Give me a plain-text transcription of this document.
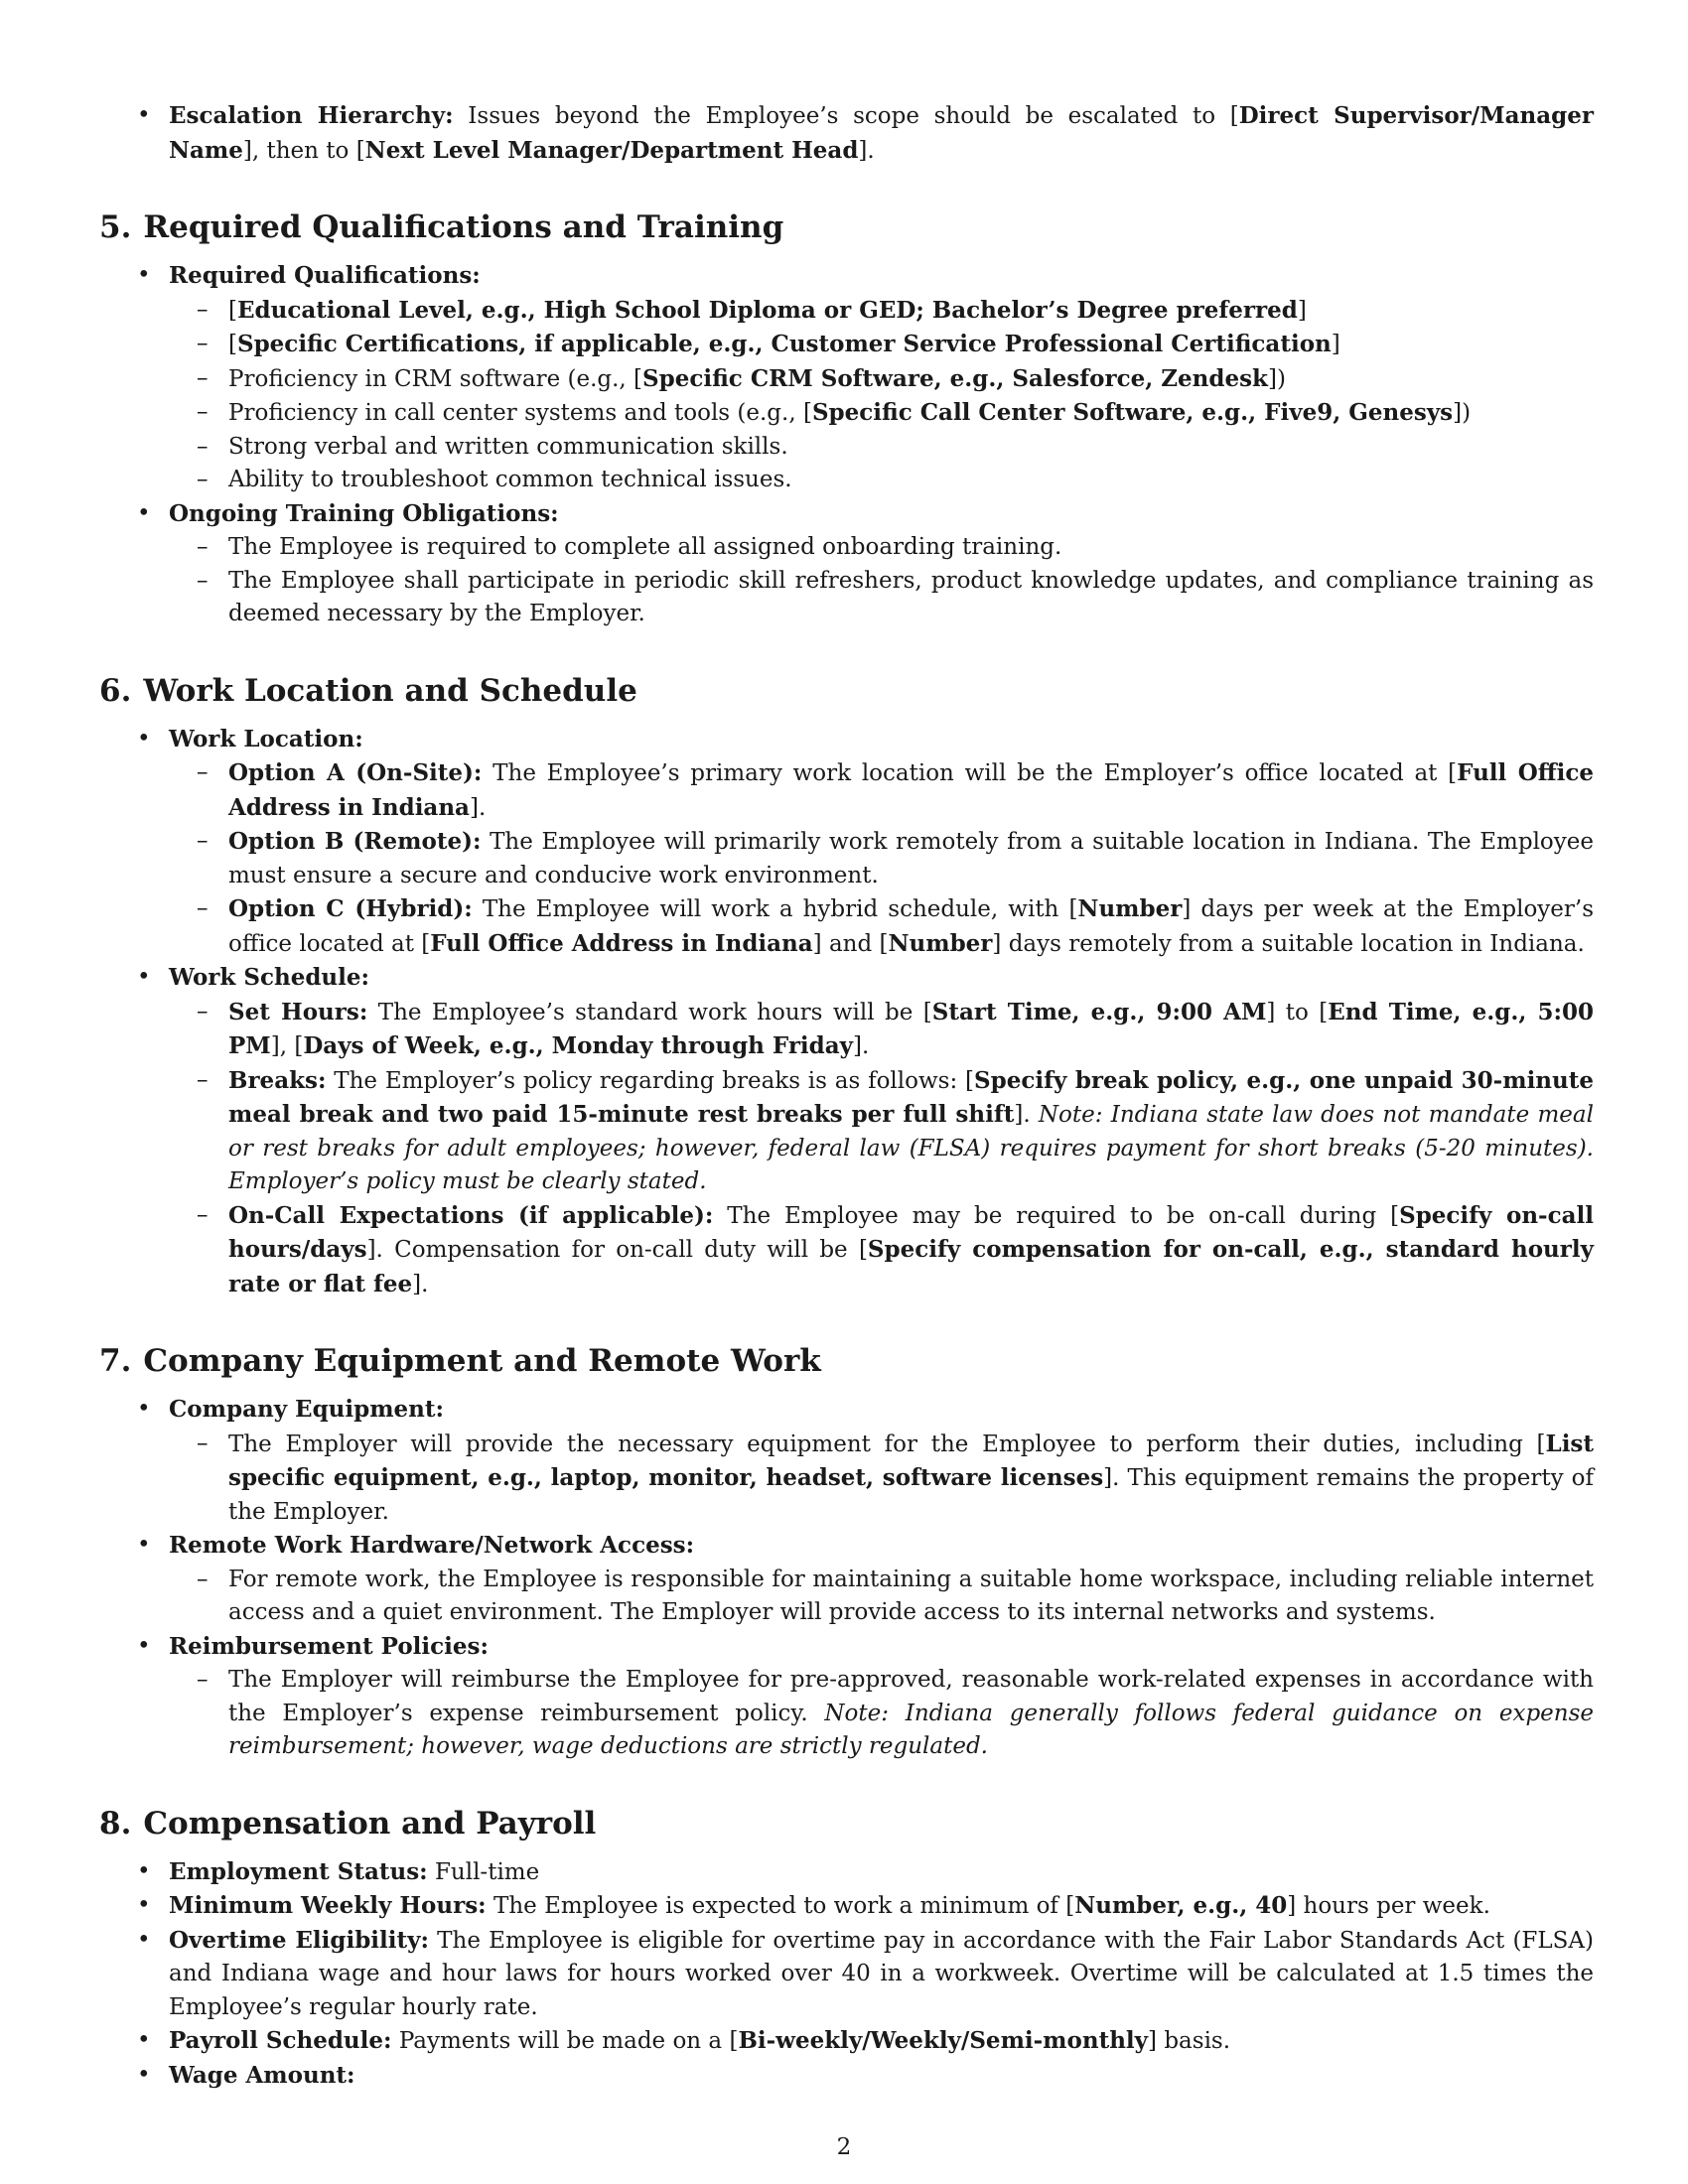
• Escalation Hierarchy: Issues beyond the Employee’s scope should be escalated to [Direct Supervisor/Manager Name], then to [Next Level Manager/Department Head].
5. Required Qualifications and Training
• Required Qualifications:
– [Educational Level, e.g., High School Diploma or GED; Bachelor’s Degree preferred]
– [Specific Certifications, if applicable, e.g., Customer Service Professional Certification]
– Proficiency in CRM software (e.g., [Specific CRM Software, e.g., Salesforce, Zendesk])
– Proficiency in call center systems and tools (e.g., [Specific Call Center Software, e.g., Five9, Genesys])
– Strong verbal and written communication skills.
– Ability to troubleshoot common technical issues.
• Ongoing Training Obligations:
– The Employee is required to complete all assigned onboarding training.
– The Employee shall participate in periodic skill refreshers, product knowledge updates, and compliance training as deemed necessary by the Employer.
6. Work Location and Schedule
• Work Location:
– Option A (On-Site): The Employee’s primary work location will be the Employer’s office located at [Full Office Address in Indiana].
– Option B (Remote): The Employee will primarily work remotely from a suitable location in Indiana. The Employee must ensure a secure and conducive work environment.
– Option C (Hybrid): The Employee will work a hybrid schedule, with [Number] days per week at the Employer’s office located at [Full Office Address in Indiana] and [Number] days remotely from a suitable location in Indiana.
• Work Schedule:
– Set Hours: The Employee’s standard work hours will be [Start Time, e.g., 9:00 AM] to [End Time, e.g., 5:00 PM], [Days of Week, e.g., Monday through Friday].
– Breaks: The Employer’s policy regarding breaks is as follows: [Specify break policy, e.g., one unpaid 30-minute meal break and two paid 15-minute rest breaks per full shift]. Note: Indiana state law does not mandate meal or rest breaks for adult employees; however, federal law (FLSA) requires payment for short breaks (5-20 minutes). Employer’s policy must be clearly stated.
– On-Call Expectations (if applicable): The Employee may be required to be on-call during [Specify on-call hours/days]. Compensation for on-call duty will be [Specify compensation for on-call, e.g., standard hourly rate or flat fee].
7. Company Equipment and Remote Work
• Company Equipment:
– The Employer will provide the necessary equipment for the Employee to perform their duties, including [List specific equipment, e.g., laptop, monitor, headset, software licenses]. This equipment remains the property of the Employer.
• Remote Work Hardware/Network Access:
– For remote work, the Employee is responsible for maintaining a suitable home workspace, including reliable internet access and a quiet environment. The Employer will provide access to its internal networks and systems.
• Reimbursement Policies:
– The Employer will reimburse the Employee for pre-approved, reasonable work-related expenses in accordance with the Employer’s expense reimbursement policy. Note: Indiana generally follows federal guidance on expense reimbursement; however, wage deductions are strictly regulated.
8. Compensation and Payroll
• Employment Status: Full-time
• Minimum Weekly Hours: The Employee is expected to work a minimum of [Number, e.g., 40] hours per week.
• Overtime Eligibility: The Employee is eligible for overtime pay in accordance with the Fair Labor Standards Act (FLSA) and Indiana wage and hour laws for hours worked over 40 in a workweek. Overtime will be calculated at 1.5 times the Employee’s regular hourly rate.
• Payroll Schedule: Payments will be made on a [Bi-weekly/Weekly/Semi-monthly] basis.
• Wage Amount:
2
